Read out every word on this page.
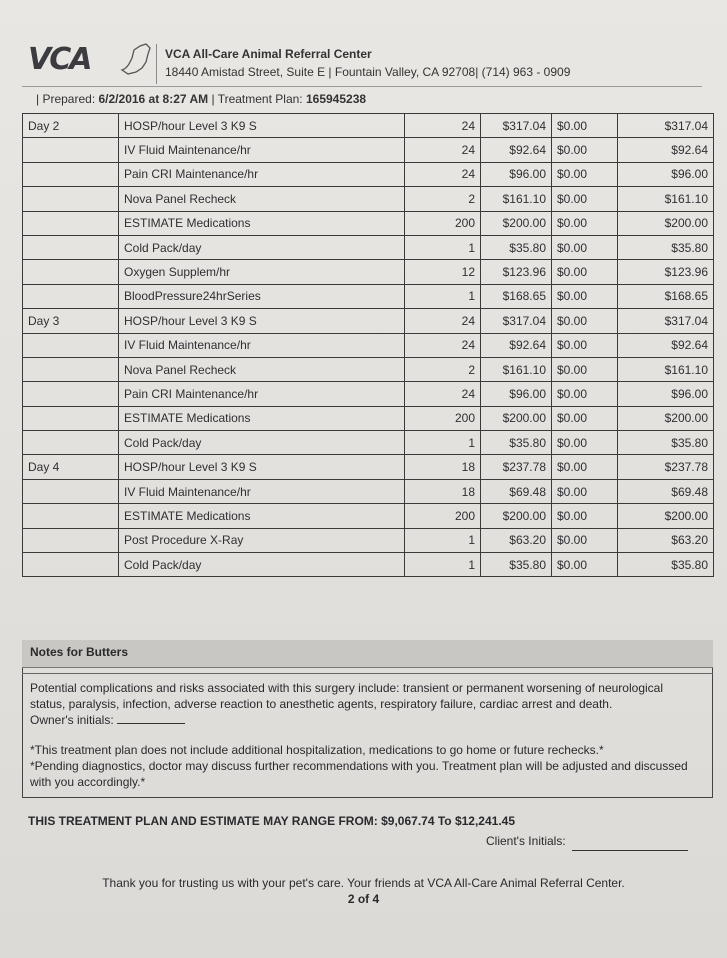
VCA	VCA All-Care Animal Referral Center
18440 Amistad Street, Suite E | Fountain Valley, CA 92708| (714) 963 - 0909
| Prepared: 6/2/2016 at 8:27 AM | Treatment Plan: 165945238
Day 2	HOSP/hour Level 3 K9 S	24	$317.04	$0.00	$317.04
	IV Fluid Maintenance/hr	24	$92.64	$0.00	$92.64
	Pain CRI Maintenance/hr	24	$96.00	$0.00	$96.00
	Nova Panel Recheck	2	$161.10	$0.00	$161.10
	ESTIMATE Medications	200	$200.00	$0.00	$200.00
	Cold Pack/day	1	$35.80	$0.00	$35.80
	Oxygen Supplem/hr	12	$123.96	$0.00	$123.96
	BloodPressure24hrSeries	1	$168.65	$0.00	$168.65
Day 3	HOSP/hour Level 3 K9 S	24	$317.04	$0.00	$317.04
	IV Fluid Maintenance/hr	24	$92.64	$0.00	$92.64
	Nova Panel Recheck	2	$161.10	$0.00	$161.10
	Pain CRI Maintenance/hr	24	$96.00	$0.00	$96.00
	ESTIMATE Medications	200	$200.00	$0.00	$200.00
	Cold Pack/day	1	$35.80	$0.00	$35.80
Day 4	HOSP/hour Level 3 K9 S	18	$237.78	$0.00	$237.78
	IV Fluid Maintenance/hr	18	$69.48	$0.00	$69.48
	ESTIMATE Medications	200	$200.00	$0.00	$200.00
	Post Procedure X-Ray	1	$63.20	$0.00	$63.20
	Cold Pack/day	1	$35.80	$0.00	$35.80
Notes for Butters
Potential complications and risks associated with this surgery include: transient or permanent worsening of neurological status, paralysis, infection, adverse reaction to anesthetic agents, respiratory failure, cardiac arrest and death.
Owner's initials:
*This treatment plan does not include additional hospitalization, medications to go home or future rechecks.*
*Pending diagnostics, doctor may discuss further recommendations with you. Treatment plan will be adjusted and discussed with you accordingly.*
THIS TREATMENT PLAN AND ESTIMATE MAY RANGE FROM: $9,067.74 To $12,241.45
Client's Initials:
Thank you for trusting us with your pet's care. Your friends at VCA All-Care Animal Referral Center.
2 of 4
